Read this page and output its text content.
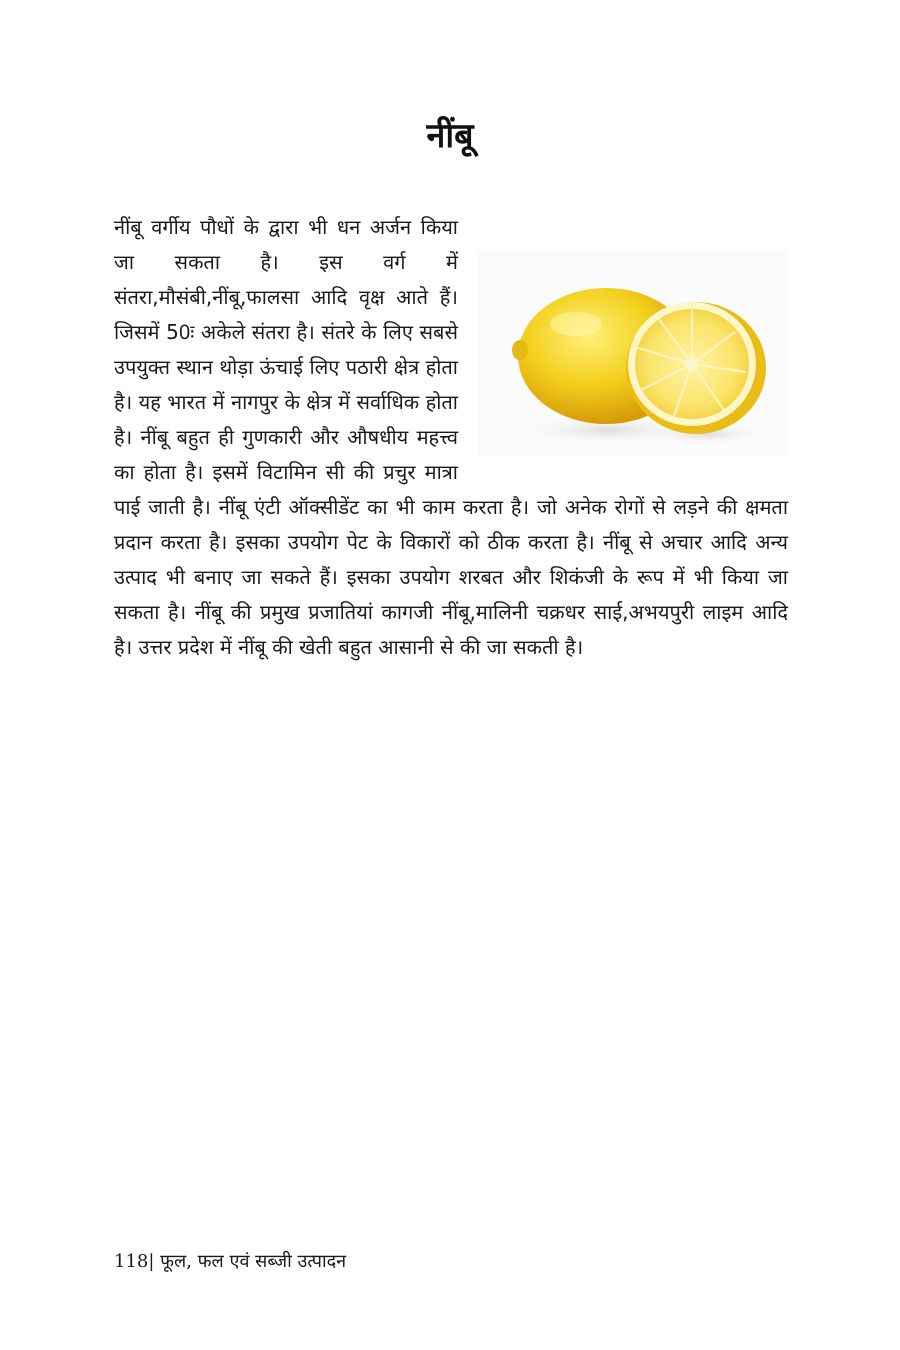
नींबू

नींबू वर्गीय पौधों के द्वारा भी धन अर्जन किया जा सकता है। इस वर्ग में संतरा,मौसंबी,नींबू,फालसा आदि वृक्ष आते हैं। जिसमें 50ः अकेले संतरा है। संतरे के लिए सबसे उपयुक्त स्थान थोड़ा ऊंचाई लिए पठारी क्षेत्र होता है। यह भारत में नागपुर के क्षेत्र में सर्वाधिक होता है। नींबू बहुत ही गुणकारी और औषधीय महत्त्व का होता है। इसमें विटामिन सी की प्रचुर मात्रा पाई जाती है। नींबू एंटी ऑक्सीडेंट का भी काम करता है। जो अनेक रोगों से लड़ने की क्षमता प्रदान करता है। इसका उपयोग पेट के विकारों को ठीक करता है। नींबू से अचार आदि अन्य उत्पाद भी बनाए जा सकते हैं। इसका उपयोग शरबत और शिकंजी के रूप में भी किया जा सकता है। नींबू की प्रमुख प्रजातियां कागजी नींबू,मालिनी चक्रधर साई,अभयपुरी लाइम आदि है। उत्तर प्रदेश में नींबू की खेती बहुत आसानी से की जा सकती है।

118| फूल, फल एवं सब्जी उत्पादन
